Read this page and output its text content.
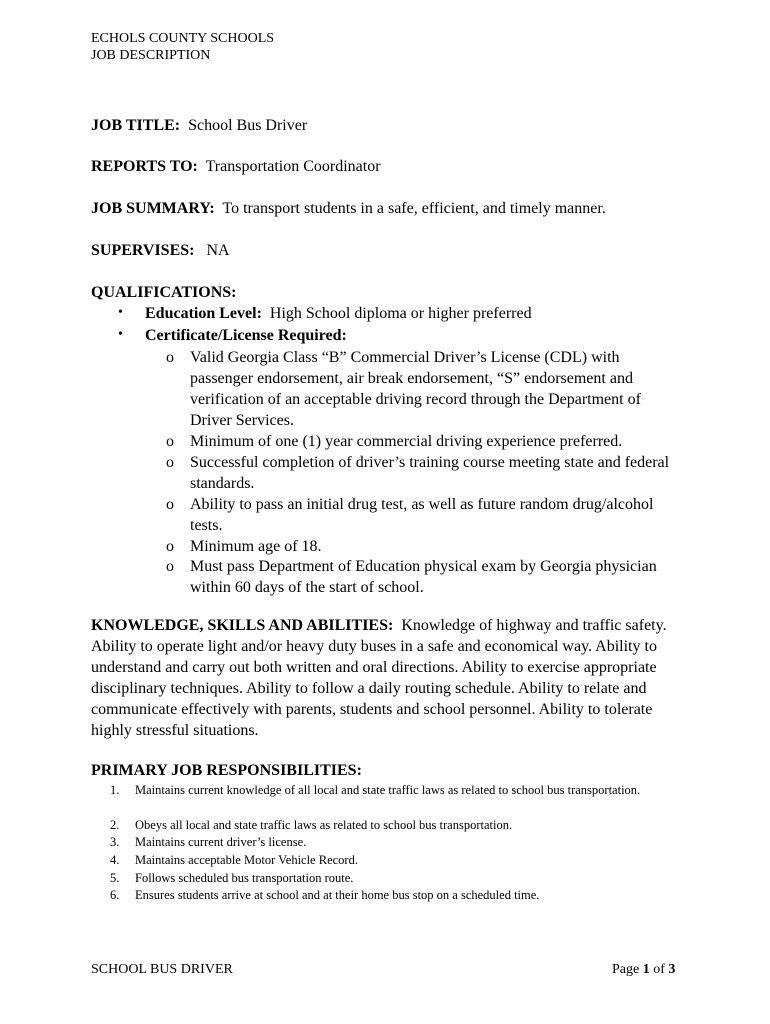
ECHOLS COUNTY SCHOOLS
JOB DESCRIPTION
JOB TITLE: School Bus Driver
REPORTS TO: Transportation Coordinator
JOB SUMMARY: To transport students in a safe, efficient, and timely manner.
SUPERVISES: NA
QUALIFICATIONS:
• Education Level: High School diploma or higher preferred
• Certificate/License Required:
o Valid Georgia Class “B” Commercial Driver’s License (CDL) with passenger endorsement, air break endorsement, “S” endorsement and verification of an acceptable driving record through the Department of Driver Services.
o Minimum of one (1) year commercial driving experience preferred.
o Successful completion of driver’s training course meeting state and federal standards.
o Ability to pass an initial drug test, as well as future random drug/alcohol tests.
o Minimum age of 18.
o Must pass Department of Education physical exam by Georgia physician within 60 days of the start of school.
KNOWLEDGE, SKILLS AND ABILITIES: Knowledge of highway and traffic safety. Ability to operate light and/or heavy duty buses in a safe and economical way. Ability to understand and carry out both written and oral directions. Ability to exercise appropriate disciplinary techniques. Ability to follow a daily routing schedule. Ability to relate and communicate effectively with parents, students and school personnel. Ability to tolerate highly stressful situations.
PRIMARY JOB RESPONSIBILITIES:
1. Maintains current knowledge of all local and state traffic laws as related to school bus transportation.
2. Obeys all local and state traffic laws as related to school bus transportation.
3. Maintains current driver’s license.
4. Maintains acceptable Motor Vehicle Record.
5. Follows scheduled bus transportation route.
6. Ensures students arrive at school and at their home bus stop on a scheduled time.
SCHOOL BUS DRIVER	Page 1 of 3
